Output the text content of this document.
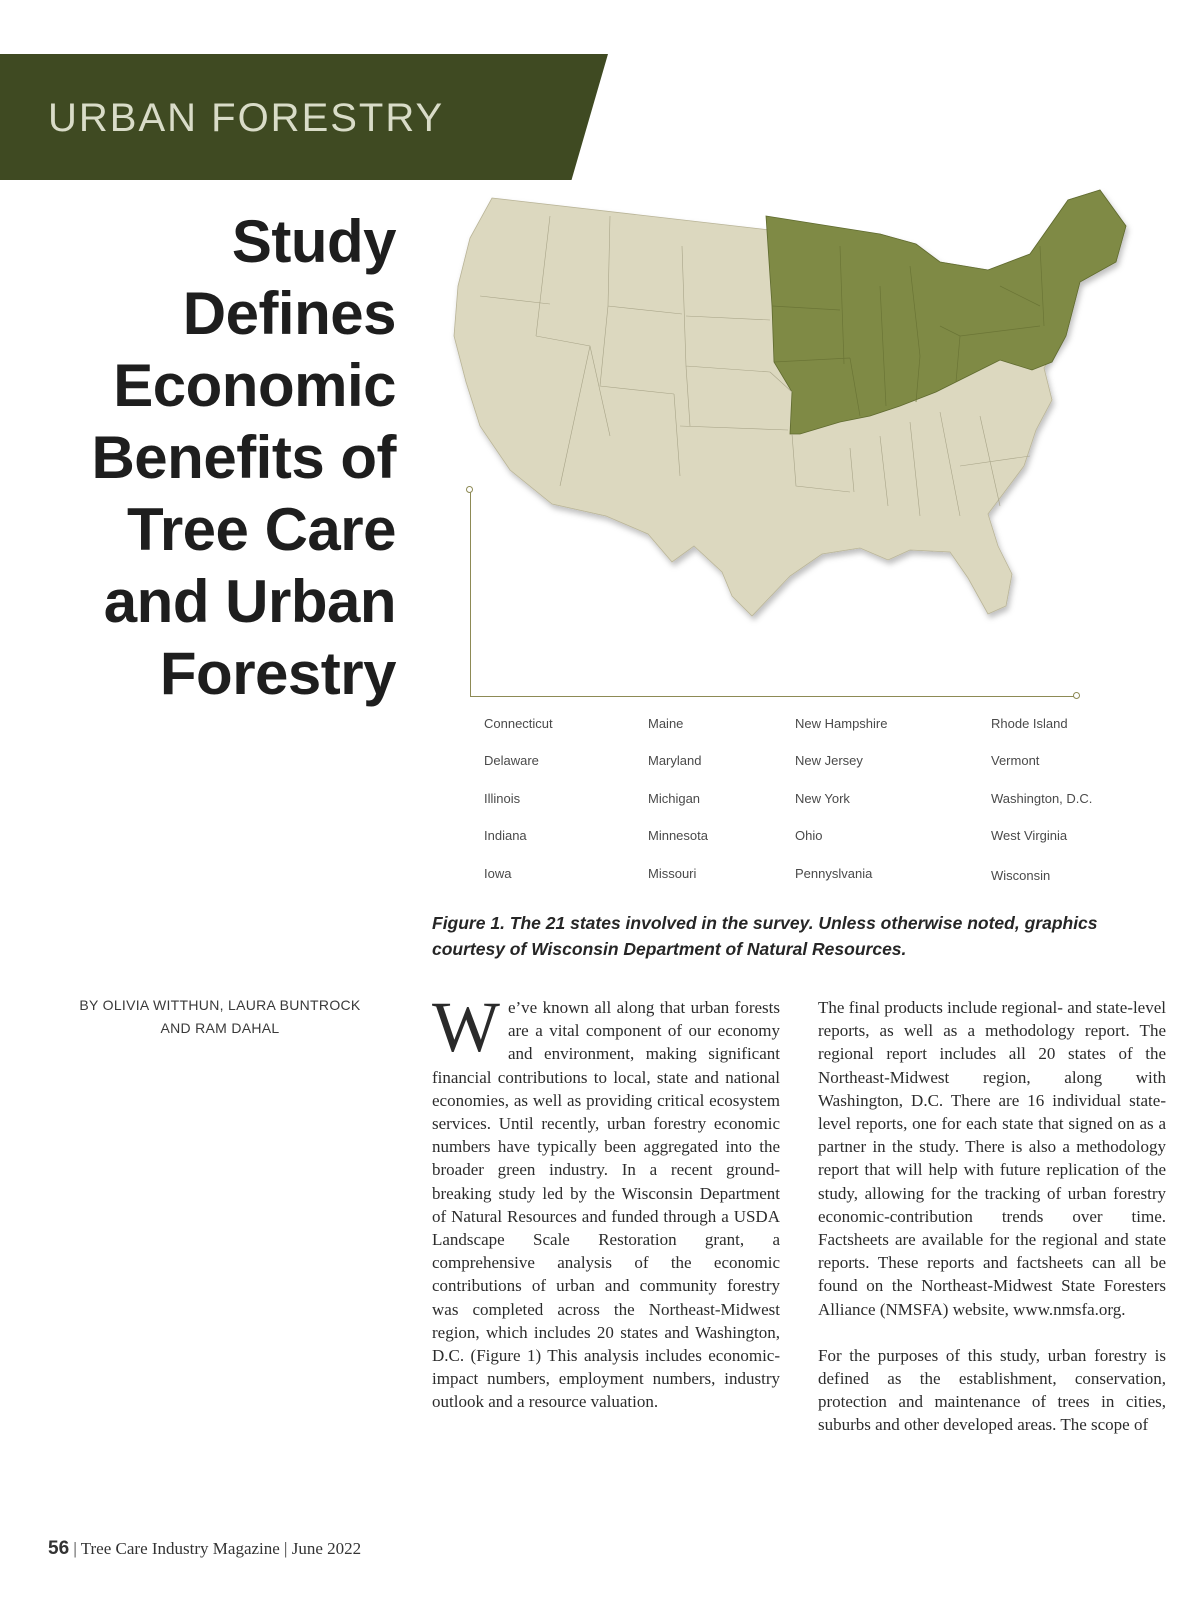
URBAN FORESTRY
Study Defines Economic Benefits of Tree Care and Urban Forestry
Connecticut	Maine	New Hampshire	Rhode Island
Delaware	Maryland	New Jersey	Vermont
Illinois	Michigan	New York	Washington, D.C.
Indiana	Minnesota	Ohio	West Virginia
Iowa	Missouri	Pennyslvania	Wisconsin

Figure 1. The 21 states involved in the survey. Unless otherwise noted, graphics courtesy of Wisconsin Department of Natural Resources.

BY OLIVIA WITTHUN, LAURA BUNTROCK
AND RAM DAHAL	We’ve known all along that urban forests are a vital component of our economy and environment, making significant financial contributions to local, state and national economies, as well as providing critical ecosystem services. Until recently, urban forestry economic numbers have typically been aggregated into the broader green industry. In a recent ground-breaking study led by the Wisconsin Department of Natural Resources and funded through a USDA Landscape Scale Restoration grant, a comprehensive analysis of the economic contributions of urban and community forestry was completed across the Northeast-Midwest region, which includes 20 states and Washington, D.C. (Figure 1) This analysis includes economic-impact numbers, employment numbers, industry outlook and a resource valuation.

The final products include regional- and state-level reports, as well as a methodology report. The regional report includes all 20 states of the Northeast-Midwest region, along with Washington, D.C. There are 16 individual state-level reports, one for each state that signed on as a partner in the study. There is also a methodology report that will help with future replication of the study, allowing for the tracking of urban forestry economic-contribution trends over time. Factsheets are available for the regional and state reports. These reports and factsheets can all be found on the Northeast-Midwest State Foresters Alliance (NMSFA) website, www.nmsfa.org.

For the purposes of this study, urban forestry is defined as the establishment, conservation, protection and maintenance of trees in cities, suburbs and other developed areas. The scope of

56 | Tree Care Industry Magazine | June 2022
